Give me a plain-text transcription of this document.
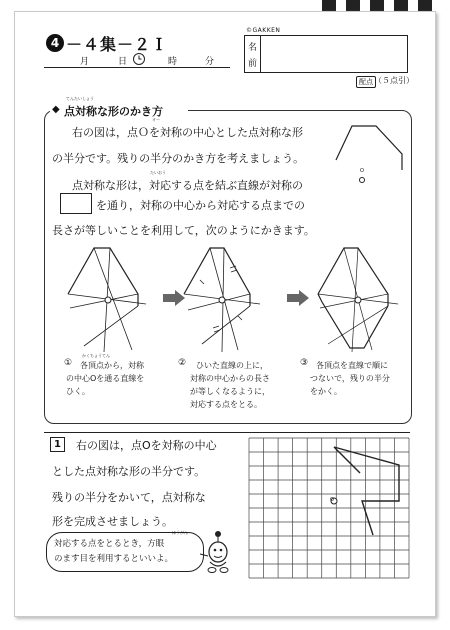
4 －４集－２Ｉ
月	日	時	分
©GAKKEN
名
前
配点 （５点引）
◆
てんたいしょう
点対称な形のかき方
オー
右の図は，点Ｏを対称の中心とした点対称な形
の半分です。残りの半分のかき方を考えましょう。
たいおう
点対称な形は，対応する点を結ぶ直線が対称の
を通り，対称の中心から対応する点までの
長さが等しいことを利用して，次のようにかきます。
O
①
かくちょうてん
各頂点から，対称
の中心Oを通る直線を
ひく。
② ひいた直線の上に，
対称の中心からの長さ
が等しくなるように，
対応する点をとる。
③ 各頂点を直線で順に
つないで，残りの半分
をかく。
1	右の図は，点Oを対称の中心
とした点対称な形の半分です。
残りの半分をかいて，点対称な
形を完成させましょう。
ほうがん
対応する点をとるとき，方眼
のます目を利用するといいよ。
O
